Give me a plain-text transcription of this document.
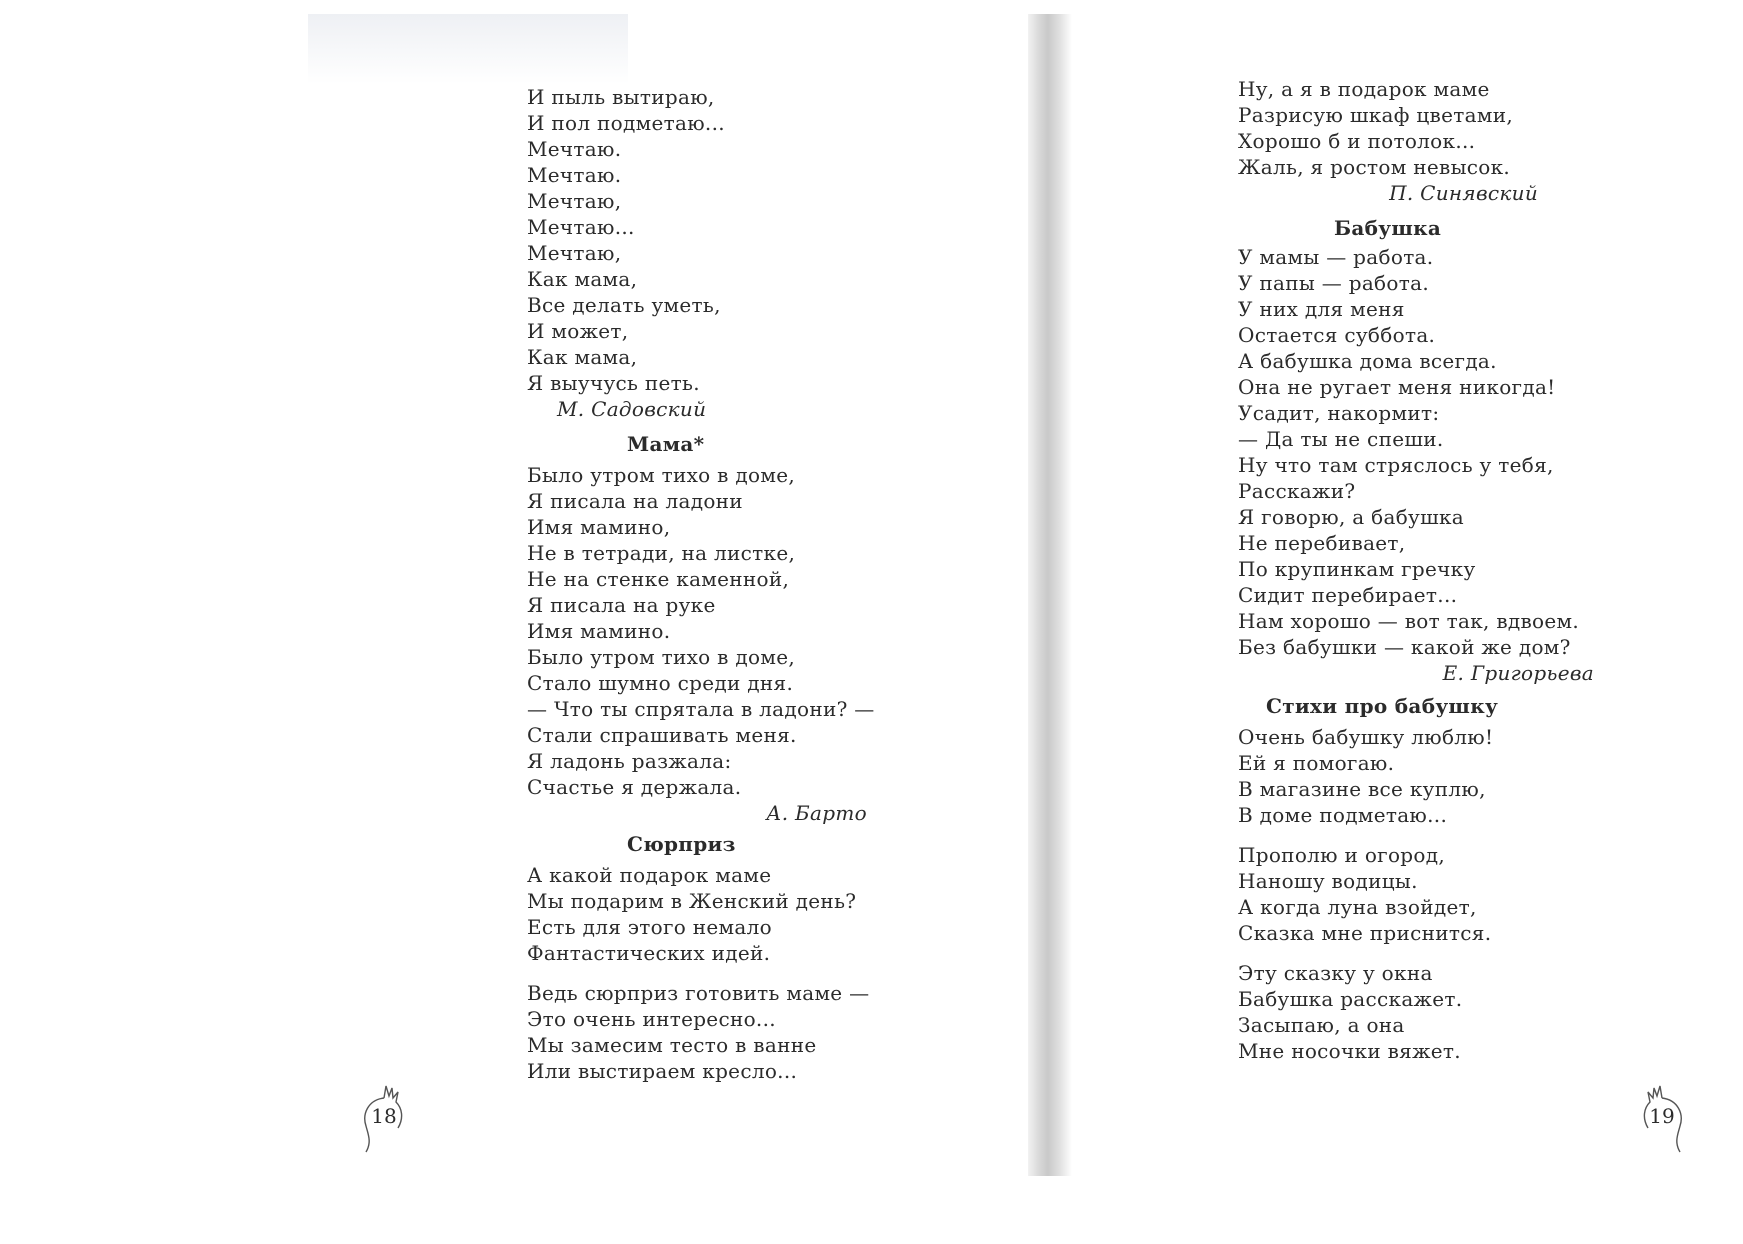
И пыль вытираю,
И пол подметаю...
Мечтаю.
Мечтаю.
Мечтаю,
Мечтаю...
Мечтаю,
Как мама,
Все делать уметь,
И может,
Как мама,
Я выучусь петь.
М. Садовский
Мама*
Было утром тихо в доме,
Я писала на ладони
Имя мамино,
Не в тетради, на листке,
Не на стенке каменной,
Я писала на руке
Имя мамино.
Было утром тихо в доме,
Стало шумно среди дня.
— Что ты спрятала в ладони? —
Стали спрашивать меня.
Я ладонь разжала:
Счастье я держала.
А. Барто
Сюрприз
А какой подарок маме
Мы подарим в Женский день?
Есть для этого немало
Фантастических идей.
Ведь сюрприз готовить маме —
Это очень интересно...
Мы замесим тесто в ванне
Или выстираем кресло...
Ну, а я в подарок маме
Разрисую шкаф цветами,
Хорошо б и потолок...
Жаль, я ростом невысок.
П. Синявский
Бабушка
У мамы — работа.
У папы — работа.
У них для меня
Остается суббота.
А бабушка дома всегда.
Она не ругает меня никогда!
Усадит, накормит:
— Да ты не спеши.
Ну что там стряслось у тебя,
Расскажи?
Я говорю, а бабушка
Не перебивает,
По крупинкам гречку
Сидит перебирает...
Нам хорошо — вот так, вдвоем.
Без бабушки — какой же дом?
Е. Григорьева
Стихи про бабушку
Очень бабушку люблю!
Ей я помогаю.
В магазине все куплю,
В доме подметаю...
Прополю и огород,
Наношу водицы.
А когда луна взойдет,
Сказка мне приснится.
Эту сказку у окна
Бабушка расскажет.
Засыпаю, а она
Мне носочки вяжет.
18	19
